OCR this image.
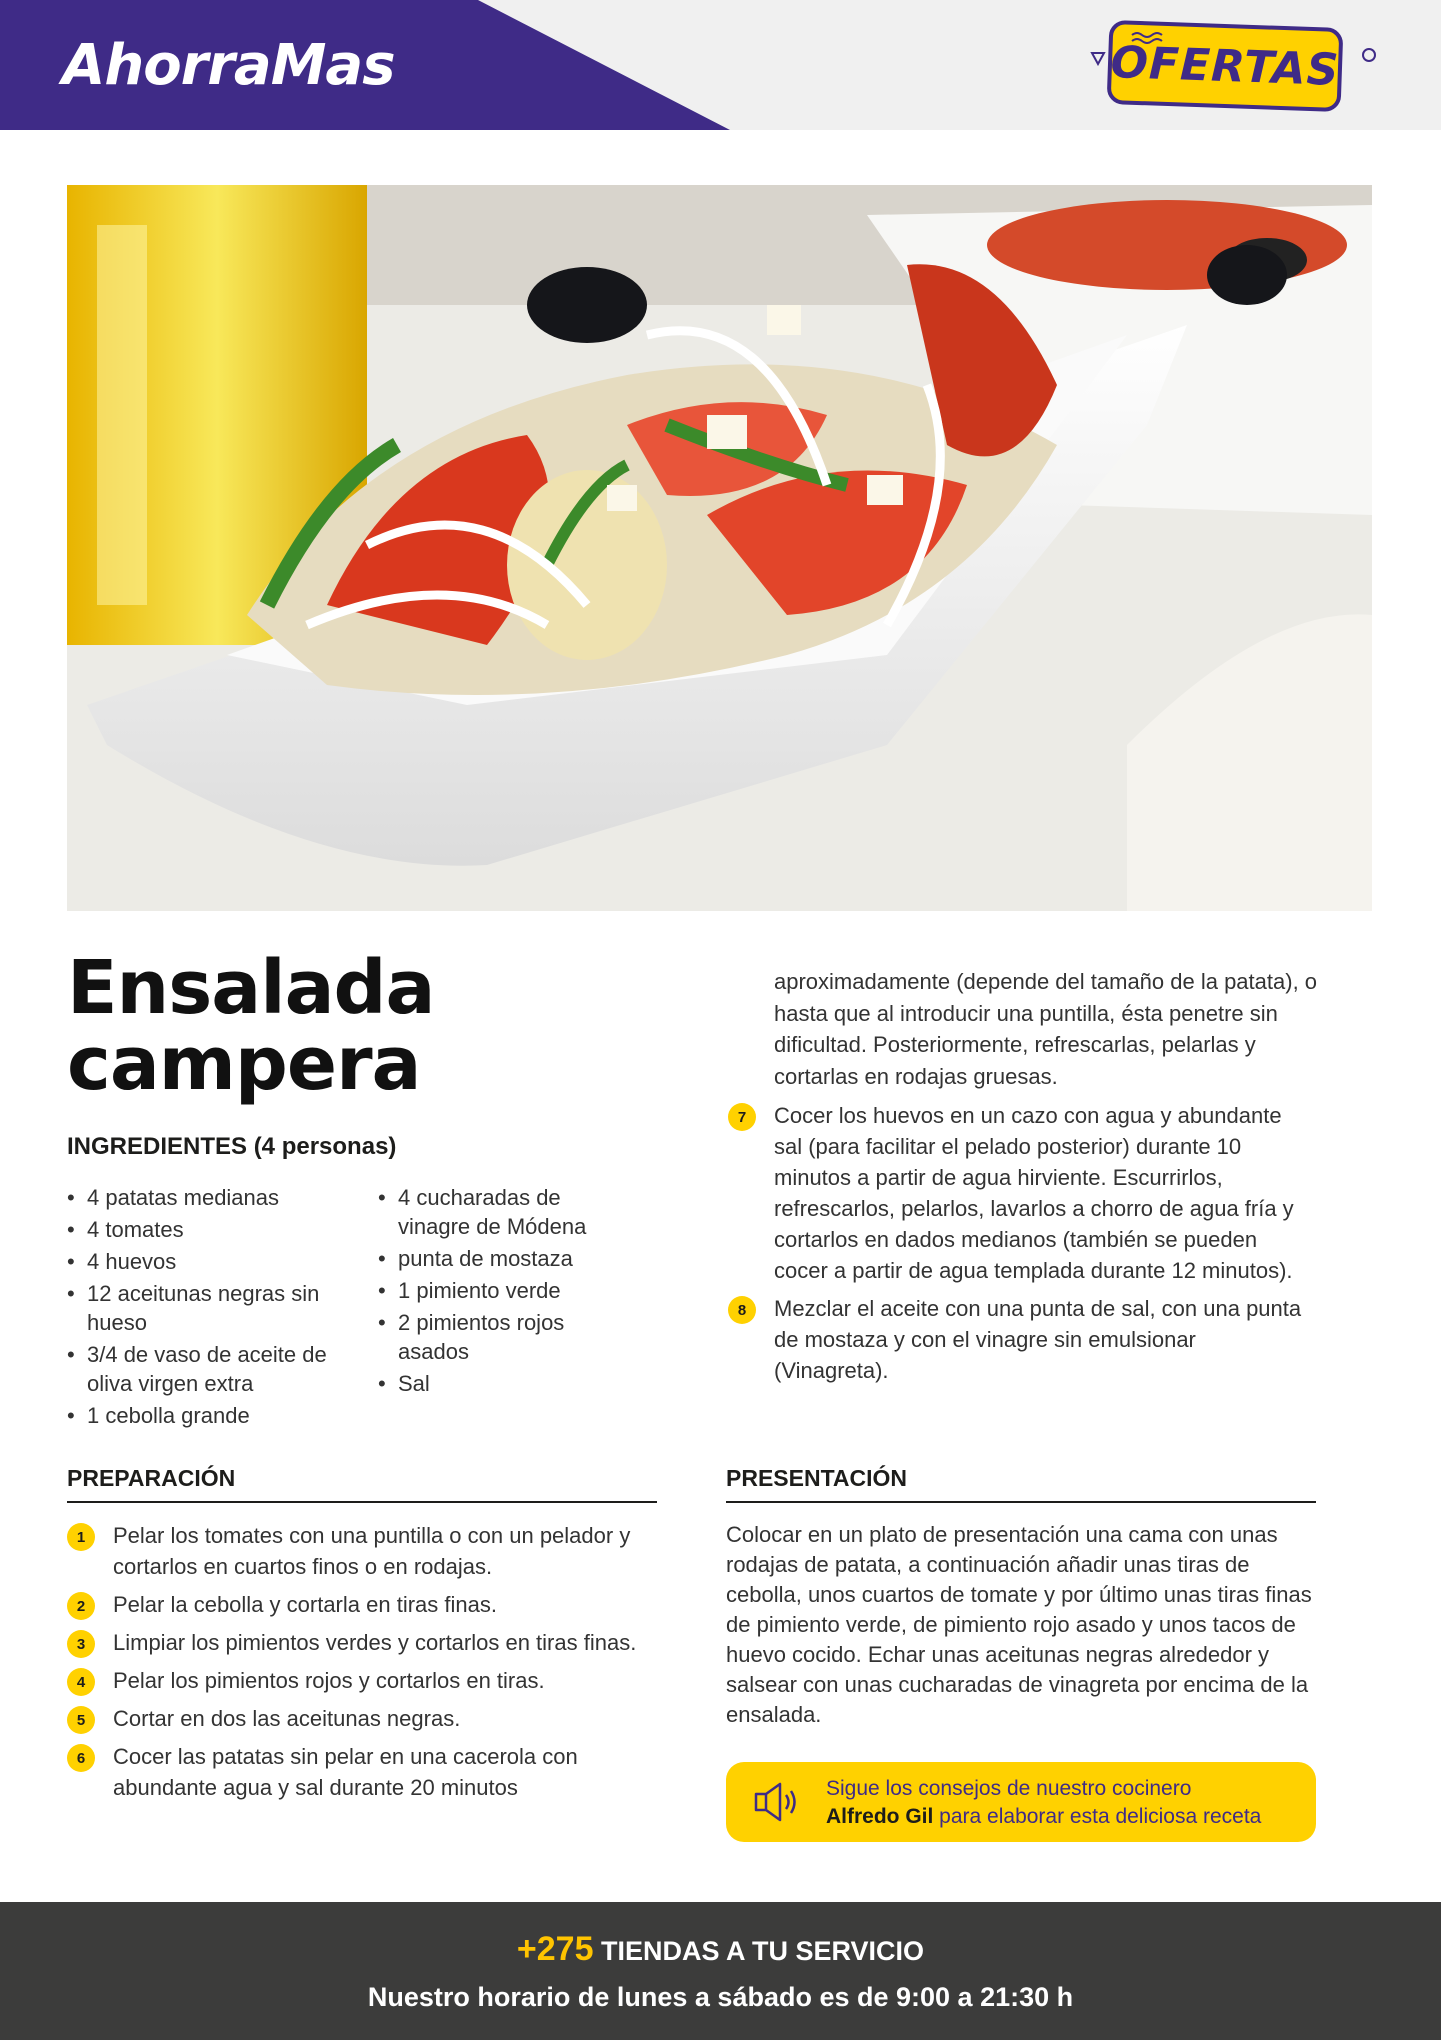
AhorraMas	OFERTAS
Ensalada
campera
INGREDIENTES (4 personas)
• 4 patatas medianas
• 4 tomates
• 4 huevos
• 12 aceitunas negras sin hueso
• 3/4 de vaso de aceite de oliva virgen extra
• 1 cebolla grande
• 4 cucharadas de vinagre de Módena
• punta de mostaza
• 1 pimiento verde
• 2 pimientos rojos asados
• Sal
PREPARACIÓN
1	Pelar los tomates con una puntilla o con un pelador y cortarlos en cuartos finos o en rodajas.
2	Pelar la cebolla y cortarla en tiras finas.
3	Limpiar los pimientos verdes y cortarlos en tiras finas.
4	Pelar los pimientos rojos y cortarlos en tiras.
5	Cortar en dos las aceitunas negras.
6	Cocer las patatas sin pelar en una cacerola con abundante agua y sal durante 20 minutos
aproximadamente (depende del tamaño de la patata), o hasta que al introducir una puntilla, ésta penetre sin dificultad. Posteriormente, refrescarlas, pelarlas y cortarlas en rodajas gruesas.
7	Cocer los huevos en un cazo con agua y abundante sal (para facilitar el pelado posterior) durante 10 minutos a partir de agua hirviente. Escurrirlos, refrescarlos, pelarlos, lavarlos a chorro de agua fría y cortarlos en dados medianos (también se pueden cocer a partir de agua templada durante 12 minutos).
8	Mezclar el aceite con una punta de sal, con una punta de mostaza y con el vinagre sin emulsionar (Vinagreta).
PRESENTACIÓN
Colocar en un plato de presentación una cama con unas rodajas de patata, a continuación añadir unas tiras de cebolla, unos cuartos de tomate y por último unas tiras finas de pimiento verde, de pimiento rojo asado y unos tacos de huevo cocido. Echar unas aceitunas negras alrededor y salsear con unas cucharadas de vinagreta por encima de la ensalada.
Sigue los consejos de nuestro cocinero
Alfredo Gil para elaborar esta deliciosa receta
+275 TIENDAS A TU SERVICIO
Nuestro horario de lunes a sábado es de 9:00 a 21:30 h
